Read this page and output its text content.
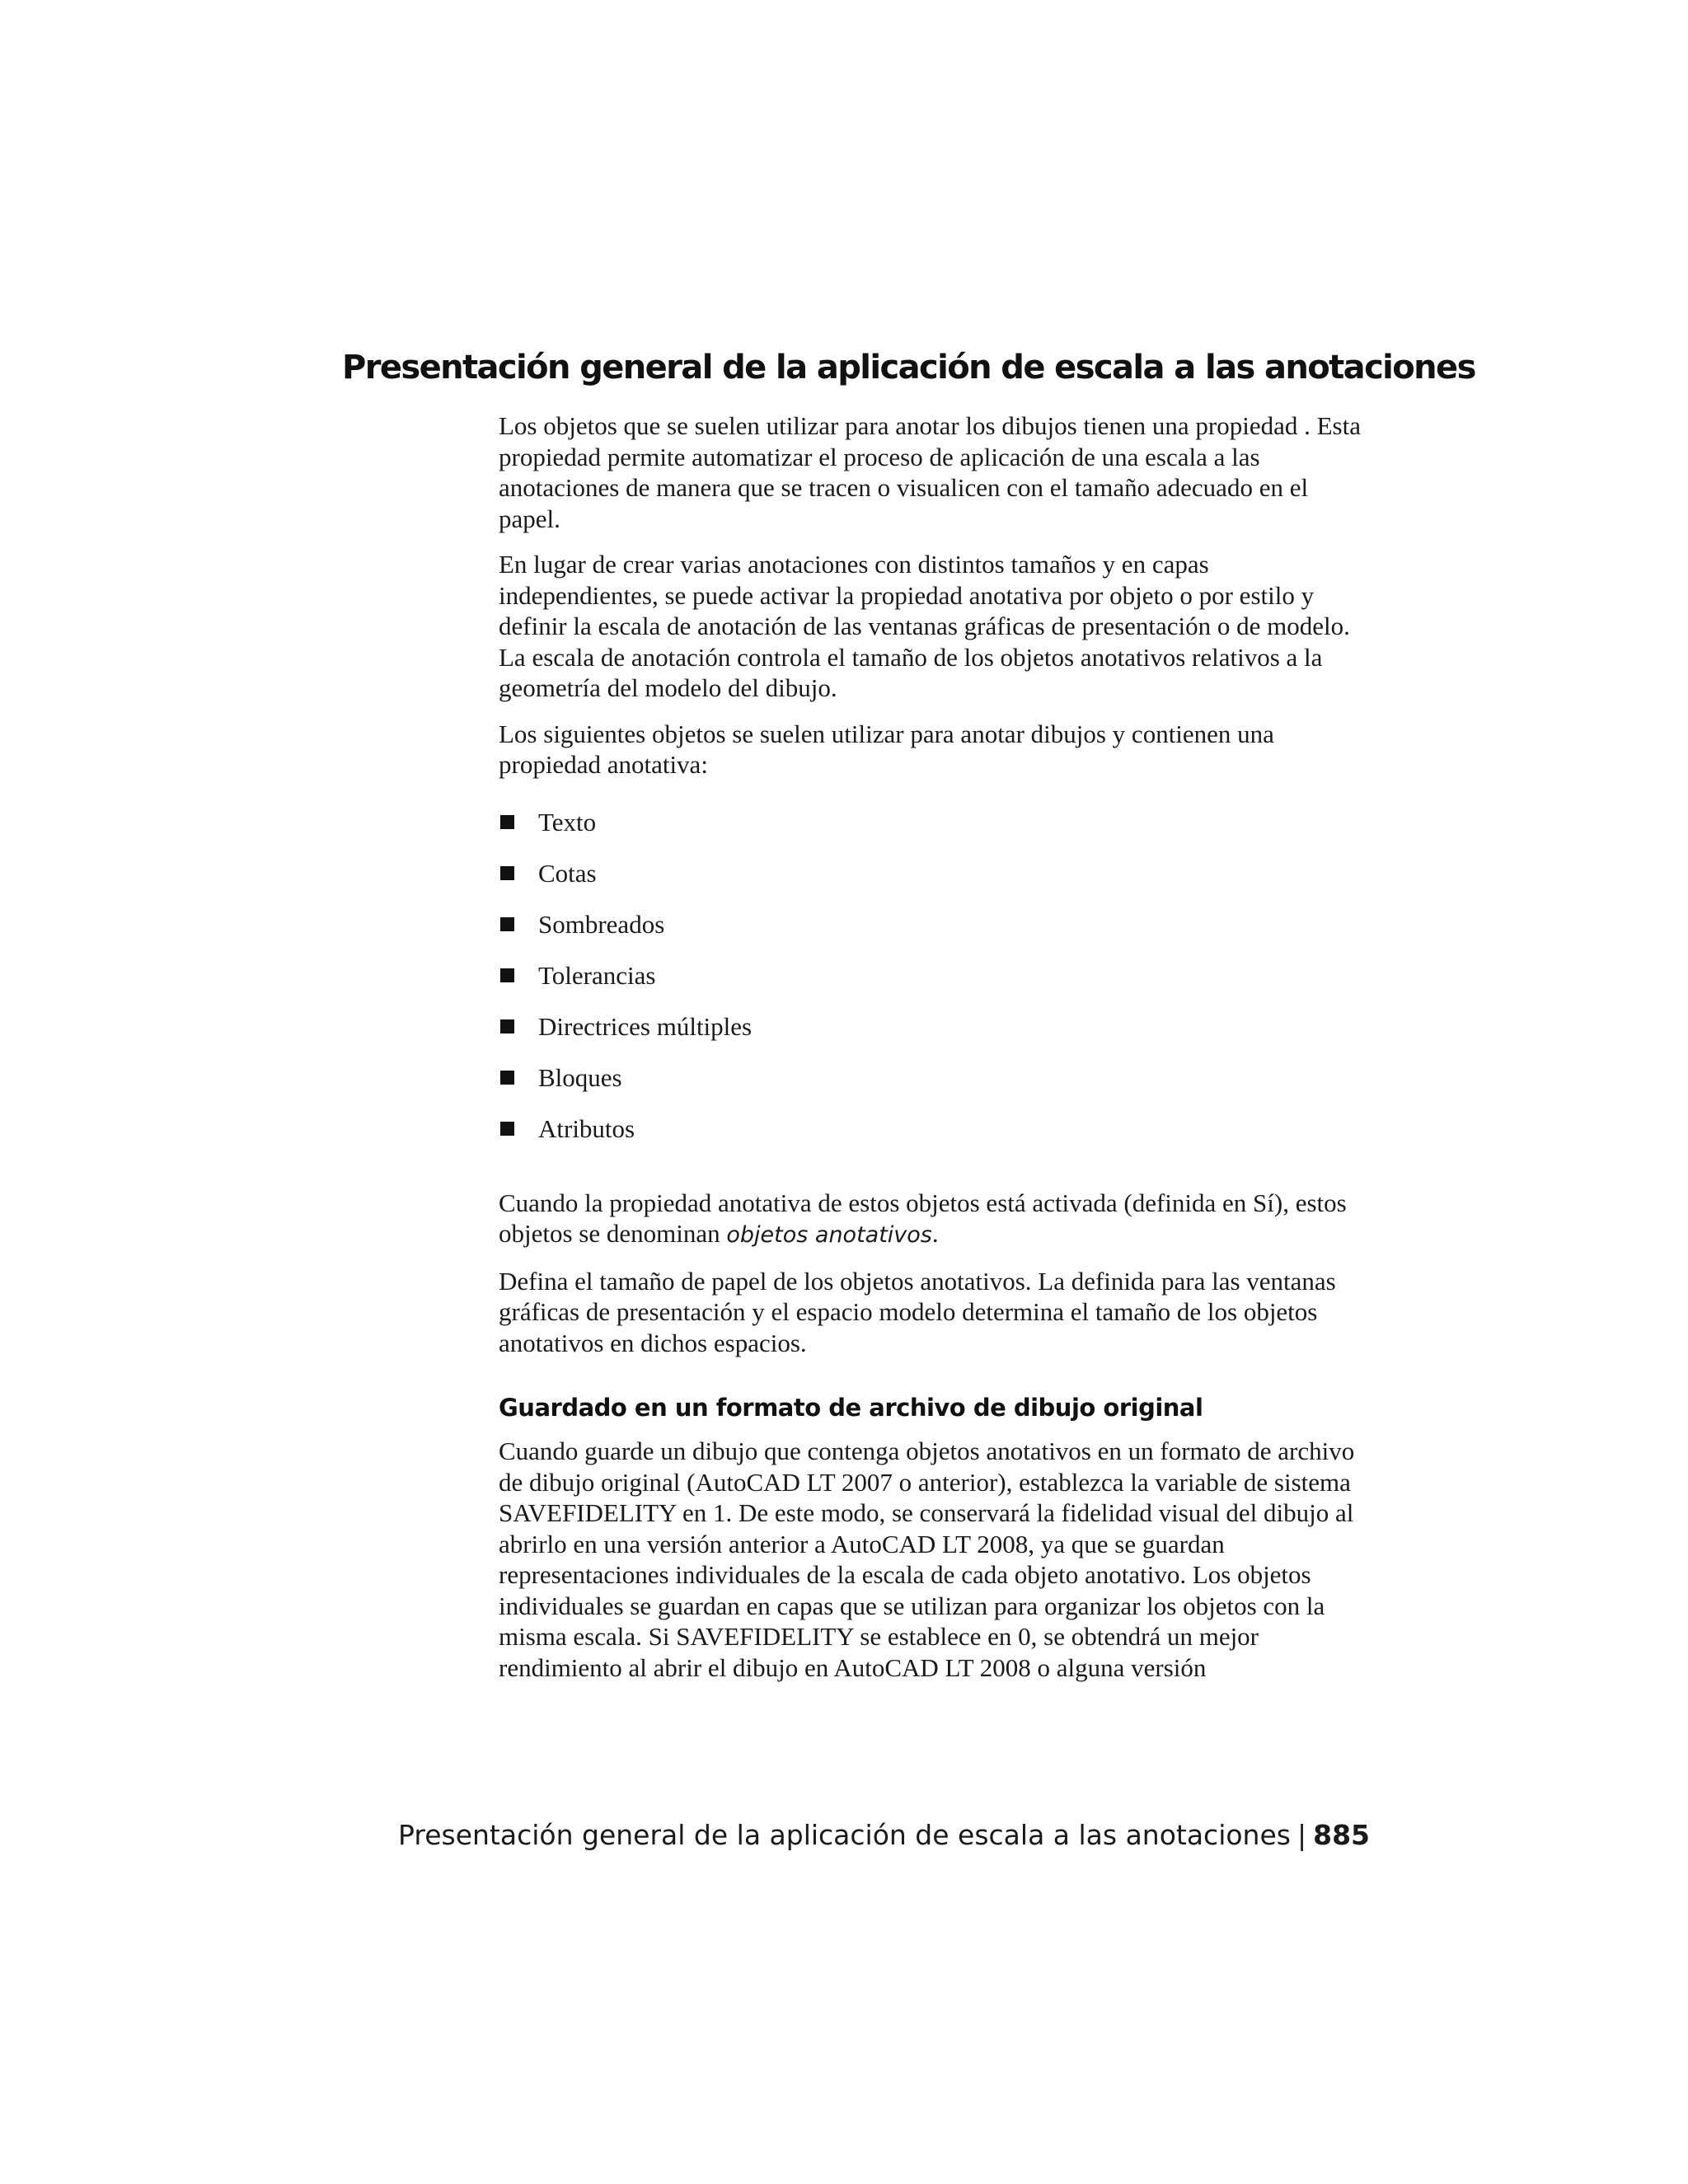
Presentación general de la aplicación de escala a las anotaciones

Los objetos que se suelen utilizar para anotar los dibujos tienen una propiedad . Esta propiedad permite automatizar el proceso de aplicación de una escala a las anotaciones de manera que se tracen o visualicen con el tamaño adecuado en el papel.

En lugar de crear varias anotaciones con distintos tamaños y en capas independientes, se puede activar la propiedad anotativa por objeto o por estilo y definir la escala de anotación de las ventanas gráficas de presentación o de modelo. La escala de anotación controla el tamaño de los objetos anotativos relativos a la geometría del modelo del dibujo.

Los siguientes objetos se suelen utilizar para anotar dibujos y contienen una propiedad anotativa:

Texto
Cotas
Sombreados
Tolerancias
Directrices múltiples
Bloques
Atributos

Cuando la propiedad anotativa de estos objetos está activada (definida en Sí), estos objetos se denominan objetos anotativos.

Defina el tamaño de papel de los objetos anotativos. La definida para las ventanas gráficas de presentación y el espacio modelo determina el tamaño de los objetos anotativos en dichos espacios.

Guardado en un formato de archivo de dibujo original

Cuando guarde un dibujo que contenga objetos anotativos en un formato de archivo de dibujo original (AutoCAD LT 2007 o anterior), establezca la variable de sistema SAVEFIDELITY en 1. De este modo, se conservará la fidelidad visual del dibujo al abrirlo en una versión anterior a AutoCAD LT 2008, ya que se guardan representaciones individuales de la escala de cada objeto anotativo. Los objetos individuales se guardan en capas que se utilizan para organizar los objetos con la misma escala. Si SAVEFIDELITY se establece en 0, se obtendrá un mejor rendimiento al abrir el dibujo en AutoCAD LT 2008 o alguna versión

Presentación general de la aplicación de escala a las anotaciones | 885
